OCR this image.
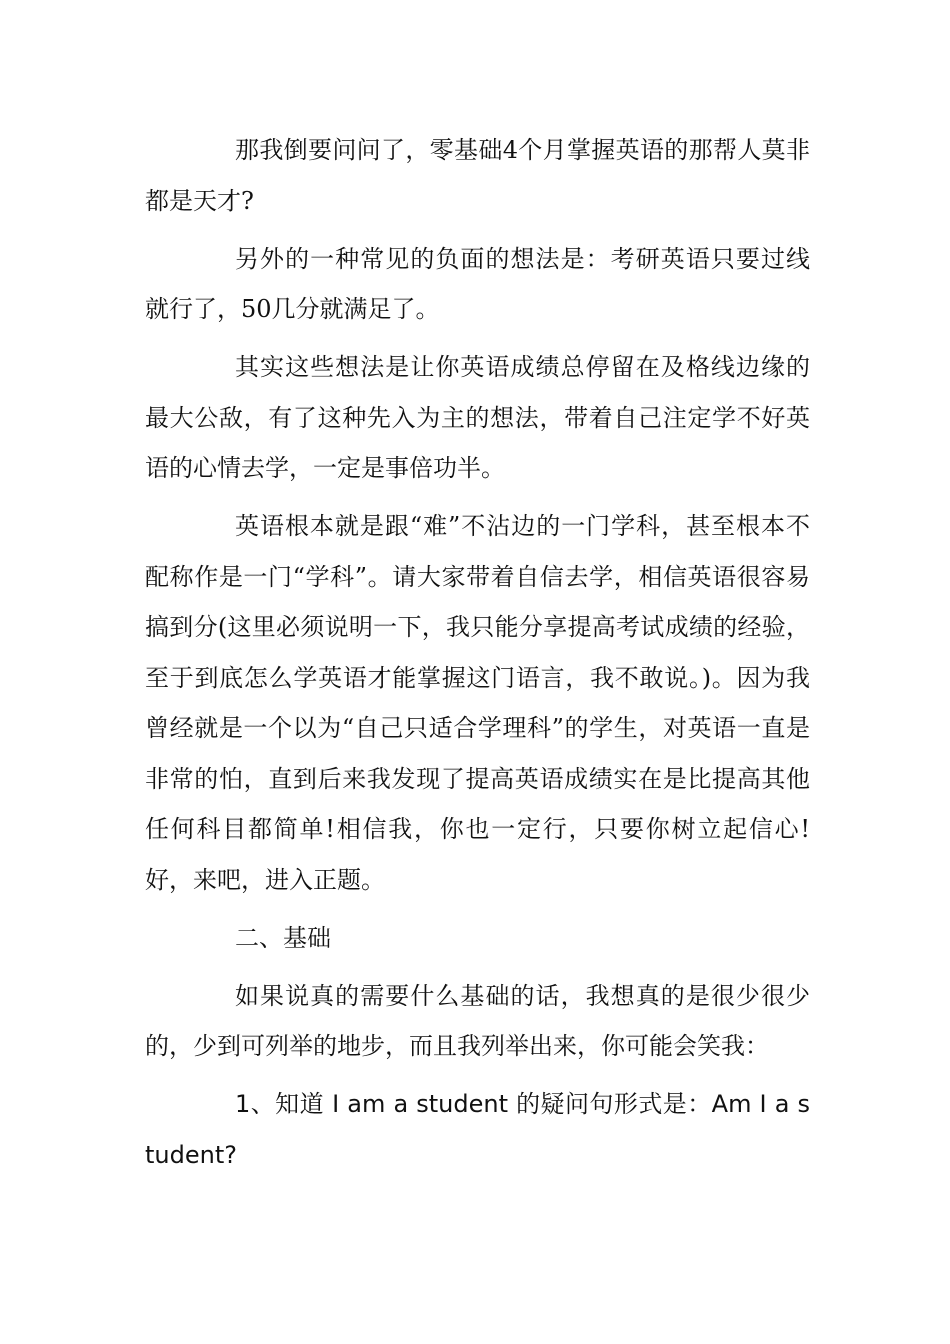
那我倒要问问了，零基础4个月掌握英语的那帮人莫非都是天才?

另外的一种常见的负面的想法是：考研英语只要过线就行了，50几分就满足了。

其实这些想法是让你英语成绩总停留在及格线边缘的最大公敌，有了这种先入为主的想法，带着自己注定学不好英语的心情去学，一定是事倍功半。

英语根本就是跟“难”不沾边的一门学科，甚至根本不配称作是一门“学科”。请大家带着自信去学，相信英语很容易搞到分(这里必须说明一下，我只能分享提高考试成绩的经验，至于到底怎么学英语才能掌握这门语言，我不敢说。)。因为我曾经就是一个以为“自己只适合学理科”的学生，对英语一直是非常的怕，直到后来我发现了提高英语成绩实在是比提高其他任何科目都简单!相信我，你也一定行，只要你树立起信心!好，来吧，进入正题。

二、基础

如果说真的需要什么基础的话，我想真的是很少很少的，少到可列举的地步，而且我列举出来，你可能会笑我：

1、知道 I am a student 的疑问句形式是：Am I a student?
